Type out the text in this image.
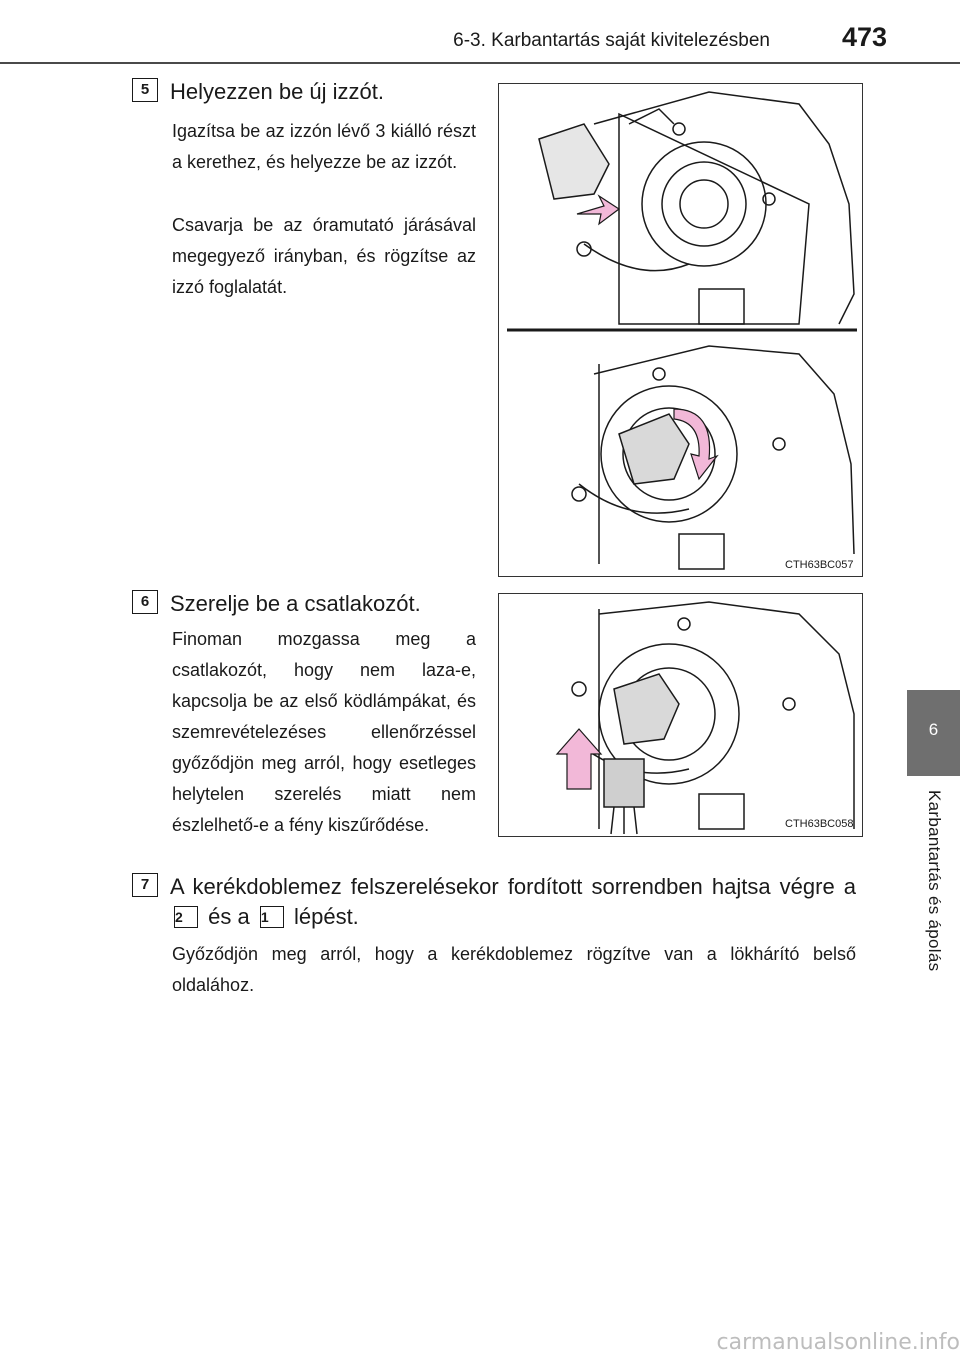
6-3. Karbantartás saját kivitelezésben	473
6
Karbantartás és ápolás
5 Helyezzen be új izzót.

Igazítsa be az izzón lévő 3 kiálló részt a kerethez, és helyezze be az izzót.

Csavarja be az óramutató járásával megegyező irányban, és rögzítse az izzó foglalatát.

CTH63BC057
6 Szerelje be a csatlakozót.

Finoman mozgassa meg a csatlakozót, hogy nem laza-e, kapcsolja be az első ködlámpákat, és szemrevételezéses ellenőrzéssel győződjön meg arról, hogy esetleges helytelen szerelés miatt nem észlelhető-e a fény kiszűrődése.	CTH63BC058
7 A kerékdoblemez felszerelésekor fordított sorrendben hajtsa végre a 2 és a 1 lépést.

Győződjön meg arról, hogy a kerékdoblemez rögzítve van a lökhárító belső oldalához.

carmanualsonline.info
